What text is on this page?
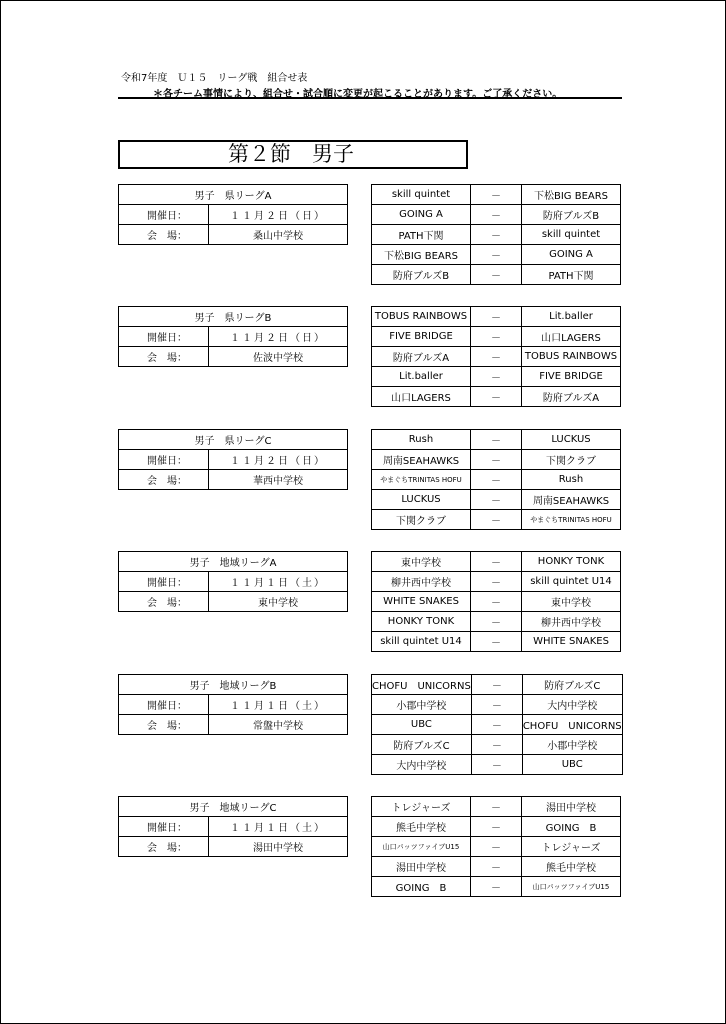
令和7年度　Ｕ１５　リーグ戦　組合せ表
＊各チーム事情により、組合せ・試合順に変更が起こることがあります。ご了承ください。
第２節　男子
男子　県リーグA	
開催日：	１１月２日（日）
会　場：	桑山中学校
skill quintet	－	下松BIG BEARS
GOING A	－	防府ブルズB
PATH下関	－	skill quintet
下松BIG BEARS	－	GOING A
防府ブルズB	－	PATH下関
男子　県リーグB	
開催日：	１１月２日（日）
会　場：	佐波中学校
TOBUS RAINBOWS	－	Lit.baller
FIVE BRIDGE	－	山口LAGERS
防府ブルズA	－	TOBUS RAINBOWS
Lit.baller	－	FIVE BRIDGE
山口LAGERS	－	防府ブルズA
男子　県リーグC	
開催日：	１１月２日（日）
会　場：	華西中学校
Rush	－	LUCKUS
周南SEAHAWKS	－	下関クラブ
やまぐちTRINITAS HOFU	－	Rush
LUCKUS	－	周南SEAHAWKS
下関クラブ	－	やまぐちTRINITAS HOFU
男子　地域リーグA	
開催日：	１１月１日（土）
会　場：	東中学校
東中学校	－	HONKY TONK
柳井西中学校	－	skill quintet U14
WHITE SNAKES	－	東中学校
HONKY TONK	－	柳井西中学校
skill quintet U14	－	WHITE SNAKES
男子　地域リーグB	
開催日：	１１月１日（土）
会　場：	常盤中学校
CHOFU　UNICORNS	－	防府ブルズC
小郡中学校	－	大内中学校
UBC	－	CHOFU　UNICORNS
防府ブルズC	－	小郡中学校
大内中学校	－	UBC
男子　地域リーグC	
開催日：	１１月１日（土）
会　場：	湯田中学校
トレジャーズ	－	湯田中学校
熊毛中学校	－	GOING　B
山口パッツファイブU15	－	トレジャーズ
湯田中学校	－	熊毛中学校
GOING　B	－	山口パッツファイブU15
